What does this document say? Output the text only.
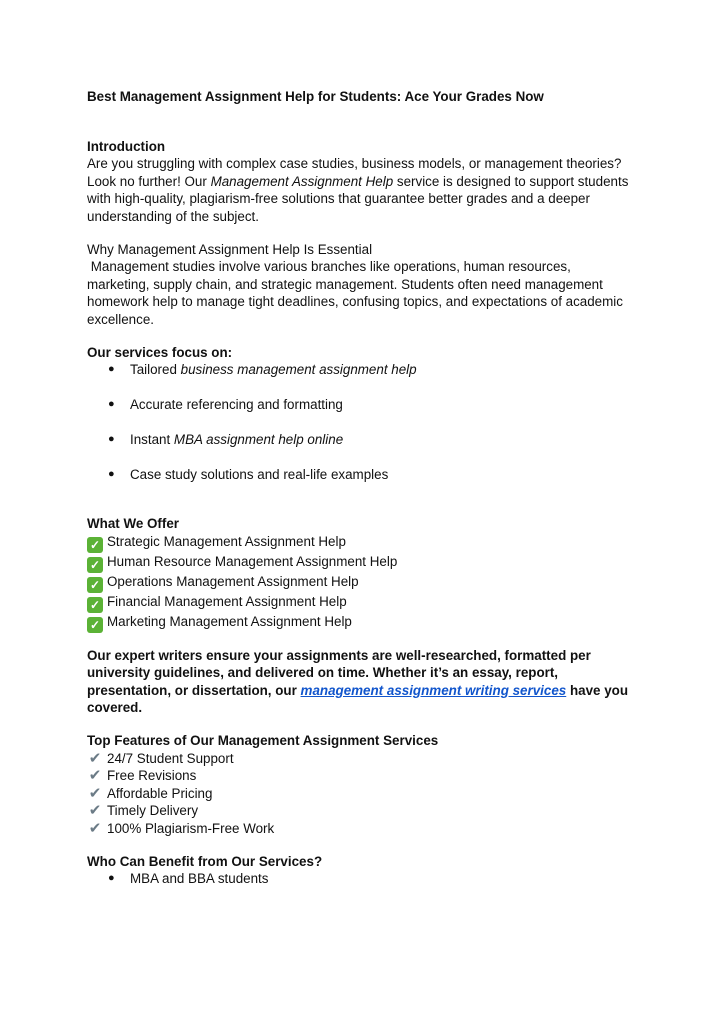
Best Management Assignment Help for Students: Ace Your Grades Now

Introduction

Are you struggling with complex case studies, business models, or management theories? Look no further! Our Management Assignment Help service is designed to support students with high-quality, plagiarism-free solutions that guarantee better grades and a deeper understanding of the subject.

Why Management Assignment Help Is Essential

Management studies involve various branches like operations, human resources, marketing, supply chain, and strategic management. Students often need management homework help to manage tight deadlines, confusing topics, and expectations of academic excellence.

Our services focus on:

● Tailored business management assignment help
● Accurate referencing and formatting
● Instant MBA assignment help online
● Case study solutions and real-life examples

What We Offer

✓ Strategic Management Assignment Help
✓ Human Resource Management Assignment Help
✓ Operations Management Assignment Help
✓ Financial Management Assignment Help
✓ Marketing Management Assignment Help

Our expert writers ensure your assignments are well-researched, formatted per university guidelines, and delivered on time. Whether it’s an essay, report, presentation, or dissertation, our management assignment writing services have you covered.

Top Features of Our Management Assignment Services

✔ 24/7 Student Support
✔ Free Revisions
✔ Affordable Pricing
✔ Timely Delivery
✔ 100% Plagiarism-Free Work

Who Can Benefit from Our Services?

● MBA and BBA students
